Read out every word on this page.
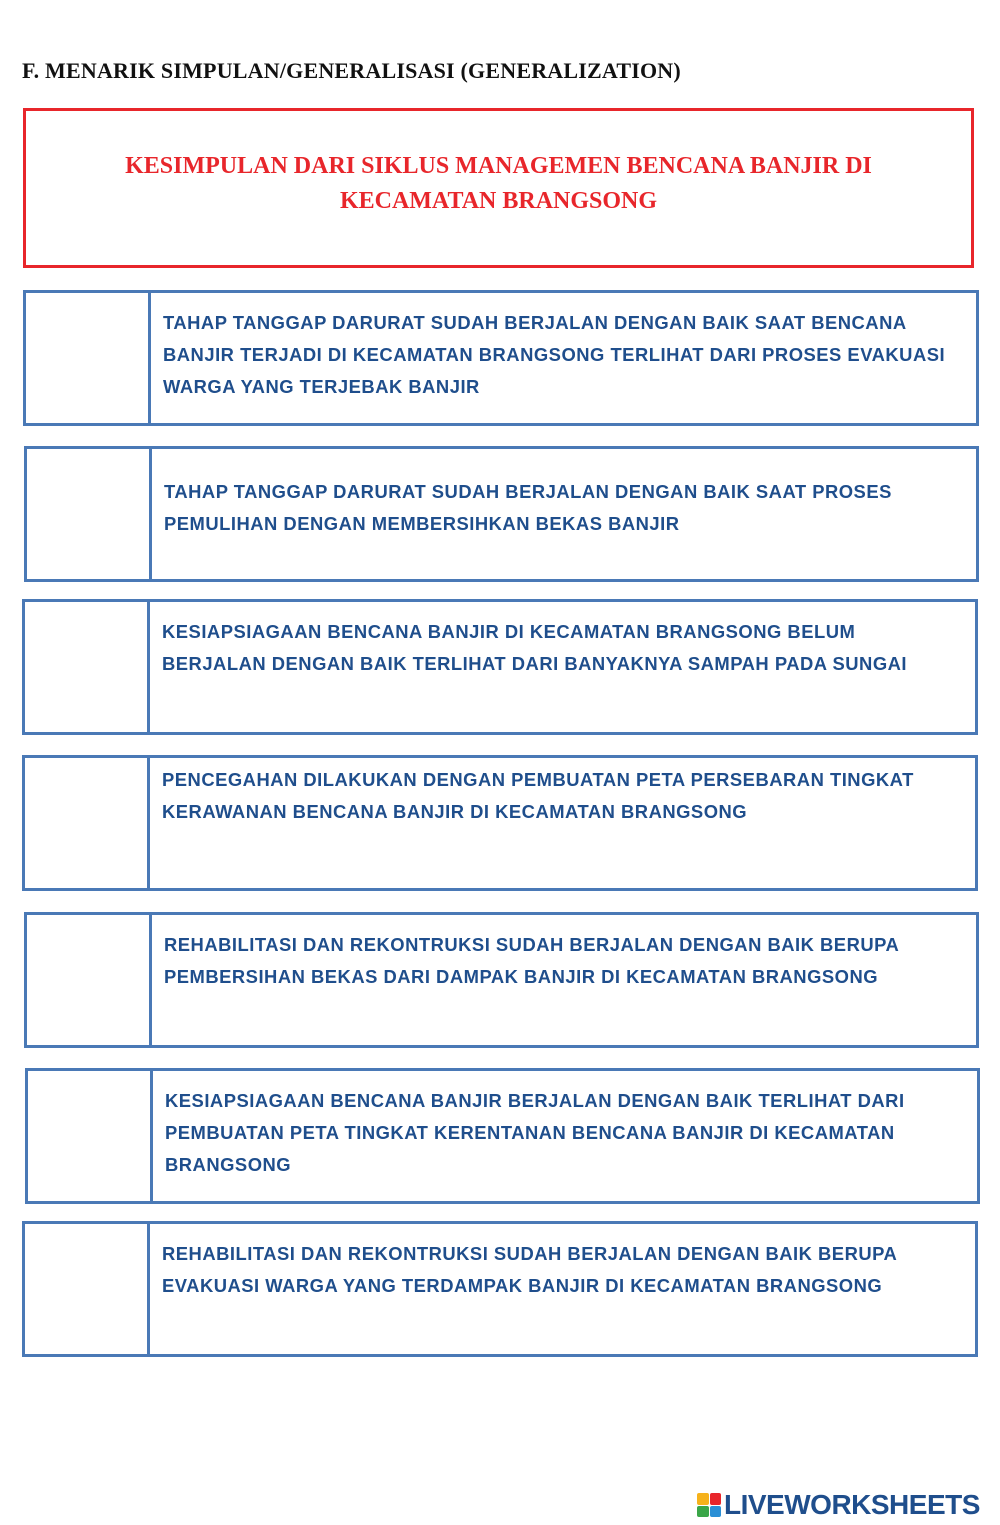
F. MENARIK SIMPULAN/GENERALISASI (GENERALIZATION)
KESIMPULAN DARI SIKLUS MANAGEMEN BENCANA BANJIR DI
KECAMATAN BRANGSONG
TAHAP TANGGAP DARURAT SUDAH BERJALAN DENGAN BAIK SAAT BENCANA BANJIR TERJADI DI KECAMATAN BRANGSONG TERLIHAT DARI PROSES EVAKUASI WARGA YANG TERJEBAK BANJIR
TAHAP TANGGAP DARURAT SUDAH BERJALAN DENGAN BAIK SAAT PROSES PEMULIHAN DENGAN MEMBERSIHKAN BEKAS BANJIR
KESIAPSIAGAAN BENCANA BANJIR DI KECAMATAN BRANGSONG BELUM BERJALAN DENGAN BAIK TERLIHAT DARI BANYAKNYA SAMPAH PADA SUNGAI
PENCEGAHAN DILAKUKAN DENGAN PEMBUATAN PETA PERSEBARAN TINGKAT KERAWANAN BENCANA BANJIR DI KECAMATAN BRANGSONG
REHABILITASI DAN REKONTRUKSI SUDAH BERJALAN DENGAN BAIK BERUPA PEMBERSIHAN BEKAS DARI DAMPAK BANJIR DI KECAMATAN BRANGSONG
KESIAPSIAGAAN BENCANA BANJIR BERJALAN DENGAN BAIK TERLIHAT DARI PEMBUATAN PETA TINGKAT KERENTANAN BENCANA BANJIR DI KECAMATAN BRANGSONG
REHABILITASI DAN REKONTRUKSI SUDAH BERJALAN DENGAN BAIK BERUPA EVAKUASI WARGA YANG TERDAMPAK BANJIR DI KECAMATAN BRANGSONG
LIVEWORKSHEETS
